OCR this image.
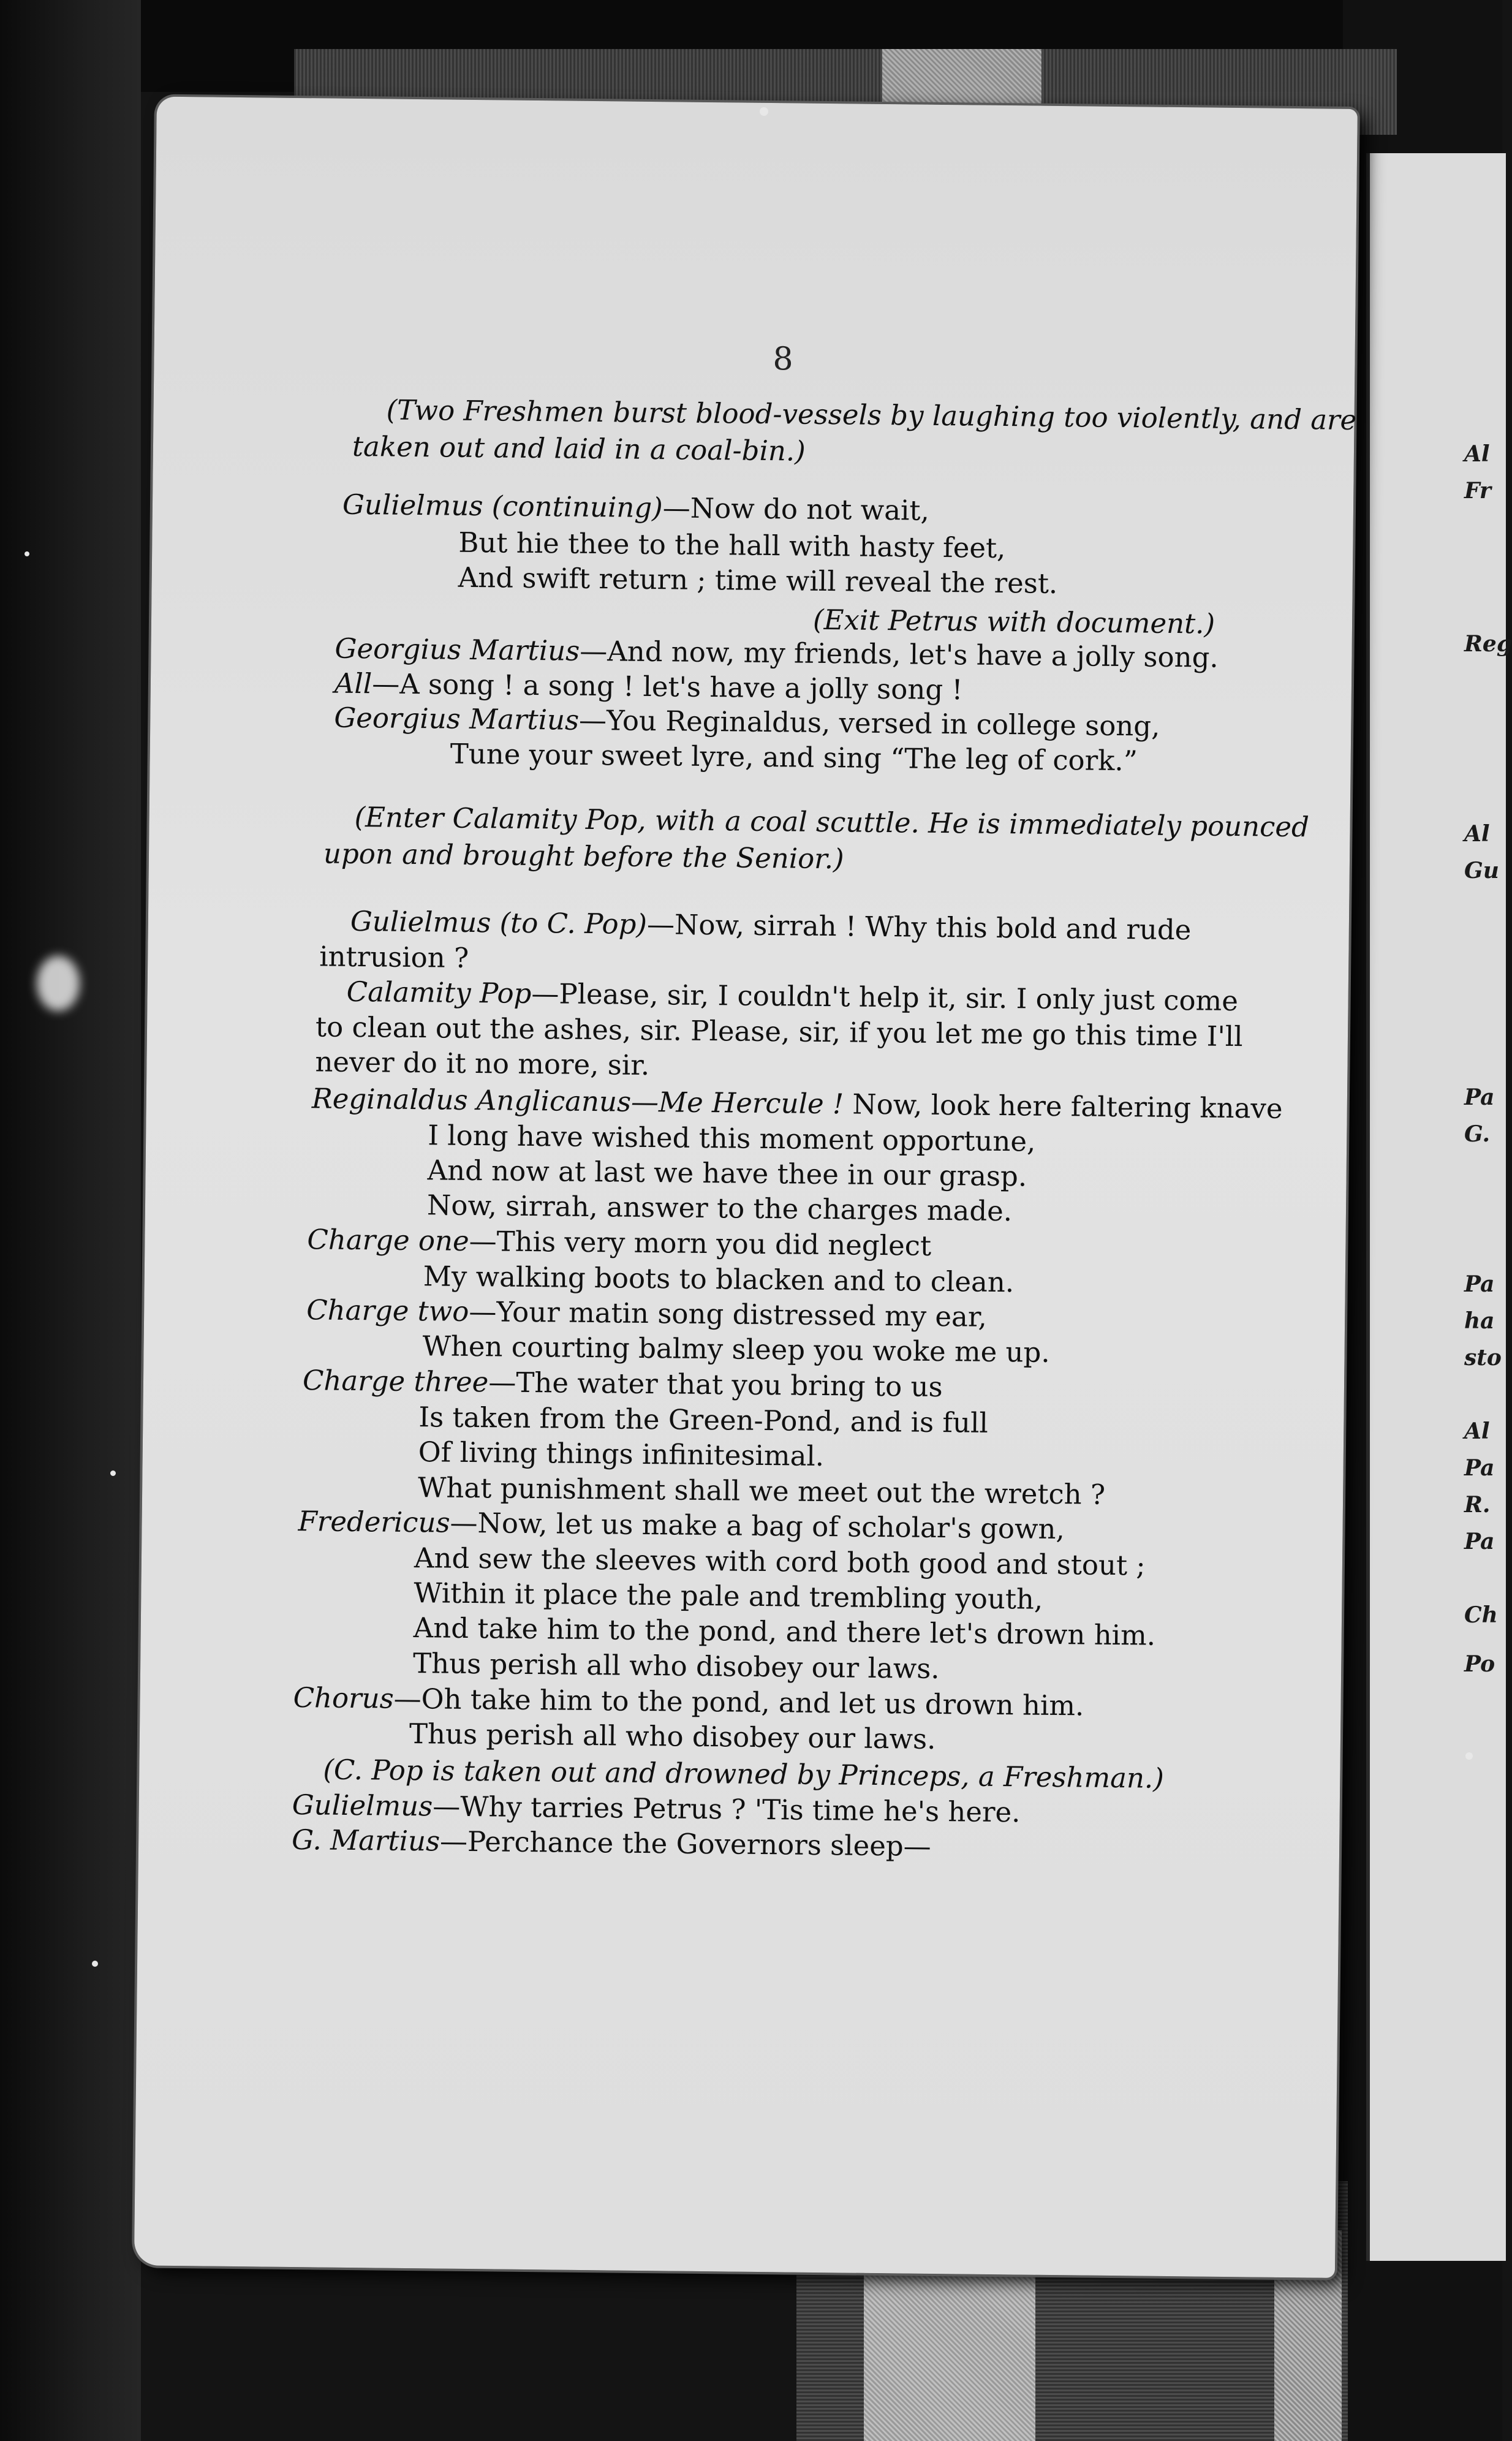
Al
Fr
Reg
Al
Gu
Pa
G.
Pa
ha
sto
Al
Pa
R.
Pa
Ch
Po
8
(Two Freshmen burst blood-vessels by laughing too violently, and are
taken out and laid in a coal-bin.)
Gulielmus (continuing)—Now do not wait,
But hie thee to the hall with hasty feet,
And swift return ; time will reveal the rest.
(Exit Petrus with document.)
Georgius Martius—And now, my friends, let's have a jolly song.
All—A song ! a song ! let's have a jolly song !
Georgius Martius—You Reginaldus, versed in college song,
Tune your sweet lyre, and sing “The leg of cork.”
(Enter Calamity Pop, with a coal scuttle. He is immediately pounced
upon and brought before the Senior.)
Gulielmus (to C. Pop)—Now, sirrah ! Why this bold and rude
intrusion ?
Calamity Pop—Please, sir, I couldn't help it, sir. I only just come
to clean out the ashes, sir. Please, sir, if you let me go this time I'll
never do it no more, sir.
Reginaldus Anglicanus—Me Hercule ! Now, look here faltering knave
I long have wished this moment opportune,
And now at last we have thee in our grasp.
Now, sirrah, answer to the charges made.
Charge one—This very morn you did neglect
My walking boots to blacken and to clean.
Charge two—Your matin song distressed my ear,
When courting balmy sleep you woke me up.
Charge three—The water that you bring to us
Is taken from the Green-Pond, and is full
Of living things infinitesimal.
What punishment shall we meet out the wretch ?
Fredericus—Now, let us make a bag of scholar's gown,
And sew the sleeves with cord both good and stout ;
Within it place the pale and trembling youth,
And take him to the pond, and there let's drown him.
Thus perish all who disobey our laws.
Chorus—Oh take him to the pond, and let us drown him.
Thus perish all who disobey our laws.
(C. Pop is taken out and drowned by Princeps, a Freshman.)
Gulielmus—Why tarries Petrus ? 'Tis time he's here.
G. Martius—Perchance the Governors sleep—
